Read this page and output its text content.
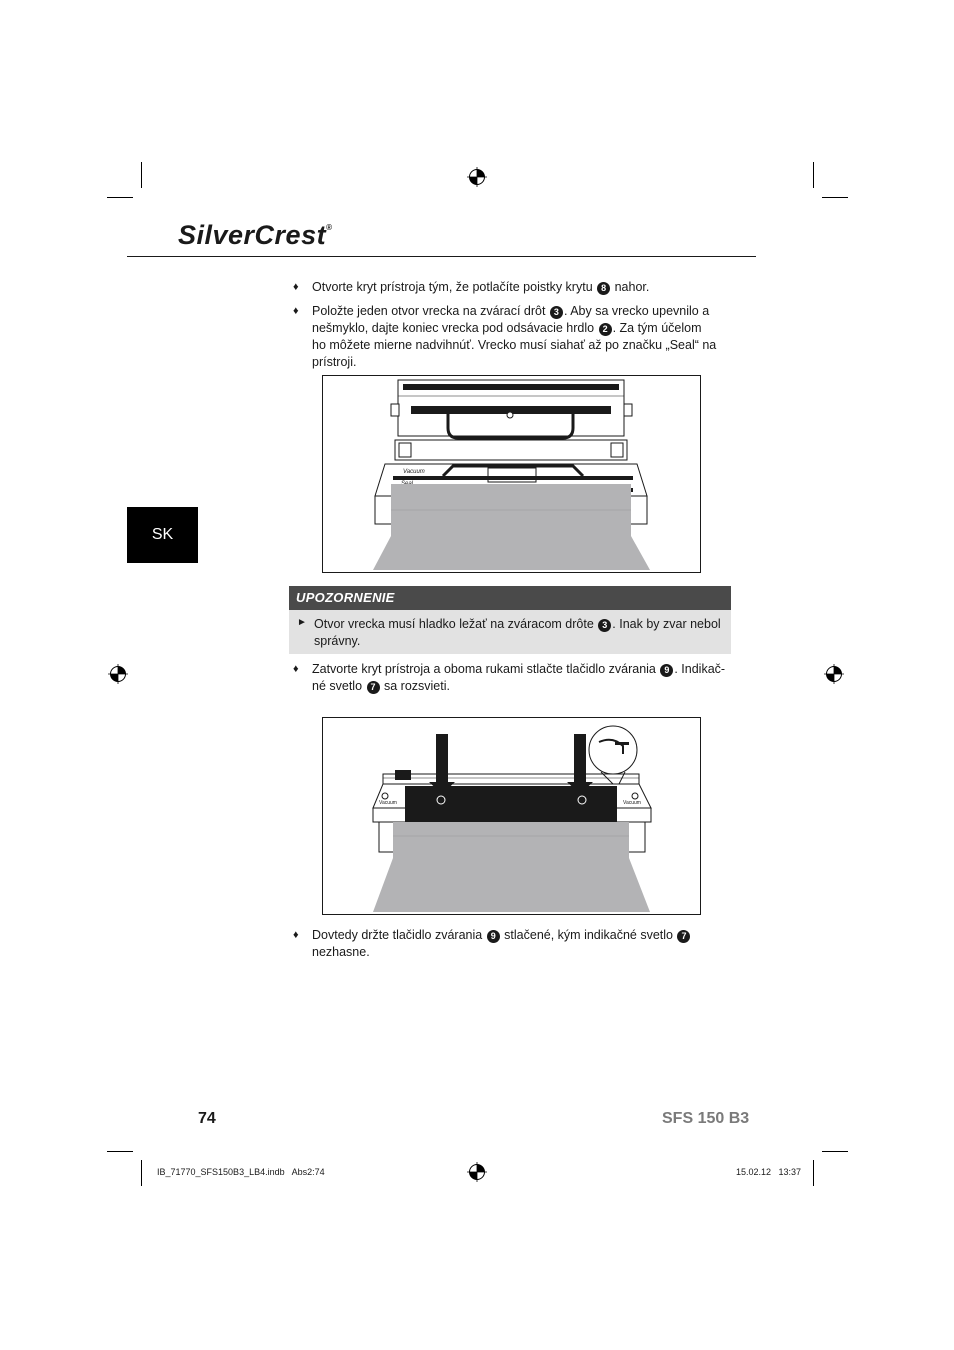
SilverCrest®
SK
♦ Otvorte kryt prístroja tým, že potlačíte poistky krytu 8 nahor.
♦ Položte jeden otvor vrecka na zvárací drôt 3 . Aby sa vrecko upevnilo a nešmyklo, dajte koniec vrecka pod odsávacie hrdlo 2 . Za tým účelom ho môžete mierne nadvihnúť. Vrecko musí siahať až po značku „Seal“ na prístroji.
Vacuum
UPOZORNENIE
► Otvor vrecka musí hladko ležať na zváracom drôte 3 . Inak by zvar nebol správny.
♦ Zatvorte kryt prístroja a oboma rukami stlačte tlačidlo zvárania 9 . Indikač-né svetlo 7 sa rozsvieti.
Vacuum	Vacuum
♦ Dovtedy držte tlačidlo zvárania 9 stlačené, kým indikačné svetlo 7 nezhasne.
74	SFS 150 B3
IB_71770_SFS150B3_LB4.indb   Abs2:74	15.02.12   13:37
